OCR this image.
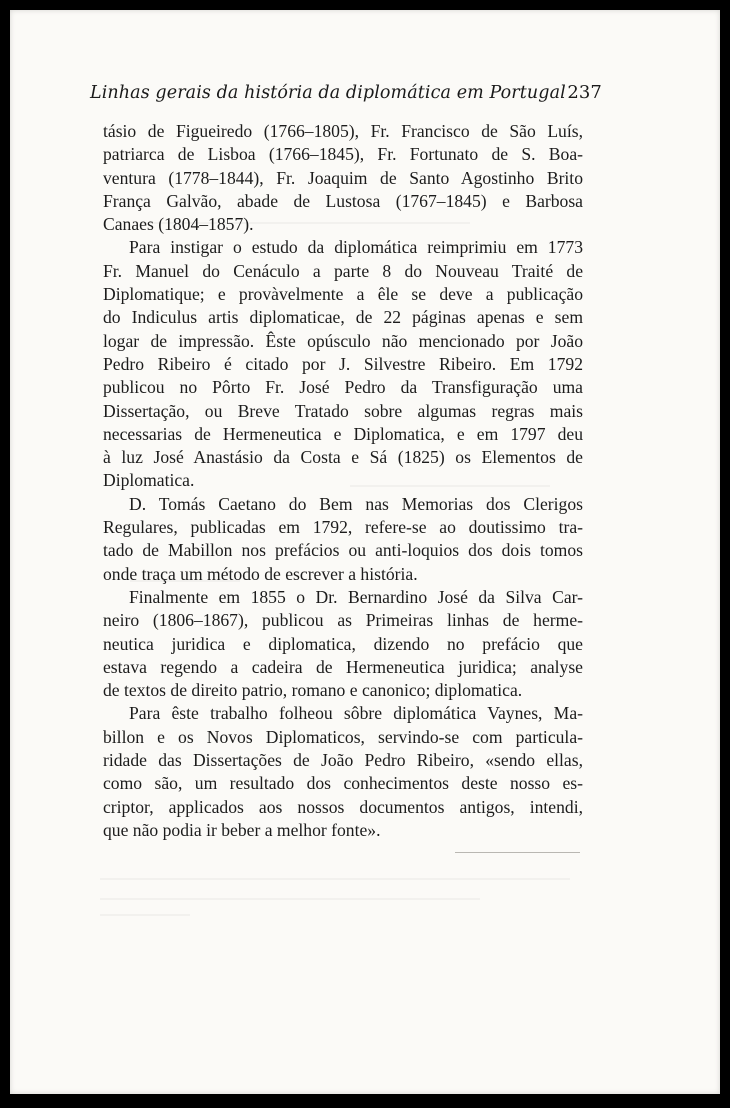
Linhas gerais da história da diplomática em Portugal 237
tásio de Figueiredo (1766–1805), Fr. Francisco de São Luís,
patriarca de Lisboa (1766–1845), Fr. Fortunato de S. Boa-
ventura (1778–1844), Fr. Joaquim de Santo Agostinho Brito
França Galvão, abade de Lustosa (1767–1845) e Barbosa
Canaes (1804–1857).
Para instigar o estudo da diplomática reimprimiu em 1773
Fr. Manuel do Cenáculo a parte 8 do Nouveau Traité de
Diplomatique; e provàvelmente a êle se deve a publicação
do Indiculus artis diplomaticae, de 22 páginas apenas e sem
logar de impressão. Êste opúsculo não mencionado por João
Pedro Ribeiro é citado por J. Silvestre Ribeiro. Em 1792
publicou no Pôrto Fr. José Pedro da Transfiguração uma
Dissertação, ou Breve Tratado sobre algumas regras mais
necessarias de Hermeneutica e Diplomatica, e em 1797 deu
à luz José Anastásio da Costa e Sá (1825) os Elementos de
Diplomatica.
D. Tomás Caetano do Bem nas Memorias dos Clerigos
Regulares, publicadas em 1792, refere-se ao doutissimo tra-
tado de Mabillon nos prefácios ou anti-loquios dos dois tomos
onde traça um método de escrever a história.
Finalmente em 1855 o Dr. Bernardino José da Silva Car-
neiro (1806–1867), publicou as Primeiras linhas de herme-
neutica juridica e diplomatica, dizendo no prefácio que
estava regendo a cadeira de Hermeneutica juridica; analyse
de textos de direito patrio, romano e canonico; diplomatica.
Para êste trabalho folheou sôbre diplomática Vaynes, Ma-
billon e os Novos Diplomaticos, servindo-se com particula-
ridade das Dissertações de João Pedro Ribeiro, «sendo ellas,
como são, um resultado dos conhecimentos deste nosso es-
criptor, applicados aos nossos documentos antigos, intendi,
que não podia ir beber a melhor fonte».
